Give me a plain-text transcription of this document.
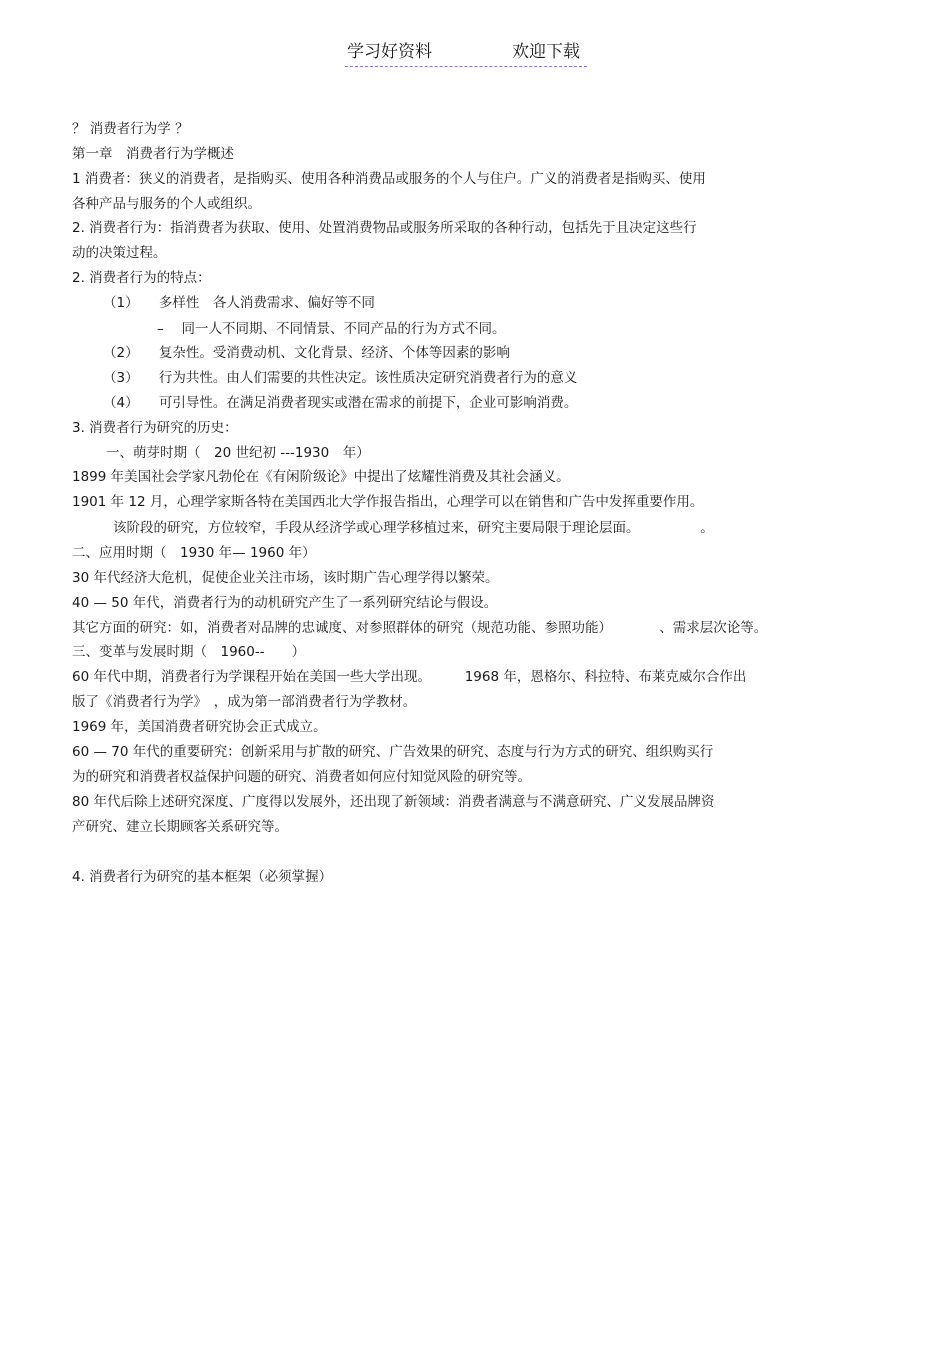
学习好资料	欢迎下载
？ 消费者行为学 ？
第一章　消费者行为学概述
1 消费者：狭义的消费者，是指购买、使用各种消费品或服务的个人与住户。广义的消费者是指购买、使用
各种产品与服务的个人或组织。
2. 消费者行为：指消费者为获取、使用、处置消费物品或服务所采取的各种行动，包括先于且决定这些行
动的决策过程。
2. 消费者行为的特点：
（1）　　多样性　各人消费需求、偏好等不同
–　 同一人不同期、不同情景、不同产品的行为方式不同。
（2）　　复杂性。受消费动机、文化背景、经济、个体等因素的影响
（3）　　行为共性。由人们需要的共性决定。该性质决定研究消费者行为的意义
（4）　　可引导性。在满足消费者现实或潜在需求的前提下，企业可影响消费。
3. 消费者行为研究的历史：
一、萌芽时期（　20 世纪初 ---1930　年）
1899 年美国社会学家凡勃伦在《有闲阶级论》中提出了炫耀性消费及其社会涵义。
1901 年 12 月，心理学家斯各特在美国西北大学作报告指出，心理学可以在销售和广告中发挥重要作用。
该阶段的研究，方位较窄，手段从经济学或心理学移植过来，研究主要局限于理论层面。　　　　　。
二、应用时期（　1930 年— 1960 年）
30 年代经济大危机，促使企业关注市场，该时期广告心理学得以繁荣。
40 — 50 年代，消费者行为的动机研究产生了一系列研究结论与假设。
其它方面的研究：如，消费者对品牌的忠诚度、对参照群体的研究（规范功能、参照功能）　　　　、需求层次论等。
三、变革与发展时期（　1960--　　）
60 年代中期，消费者行为学课程开始在美国一些大学出现。　　　1968 年，恩格尔、科拉特、布莱克威尔合作出
版了《消费者行为学》　，成为第一部消费者行为学教材。
1969 年，美国消费者研究协会正式成立。
60 — 70 年代的重要研究：创新采用与扩散的研究、广告效果的研究、态度与行为方式的研究、组织购买行
为的研究和消费者权益保护问题的研究、消费者如何应付知觉风险的研究等。
80 年代后除上述研究深度、广度得以发展外，还出现了新领域：消费者满意与不满意研究、广义发展品牌资
产研究、建立长期顾客关系研究等。
4. 消费者行为研究的基本框架（必须掌握）
